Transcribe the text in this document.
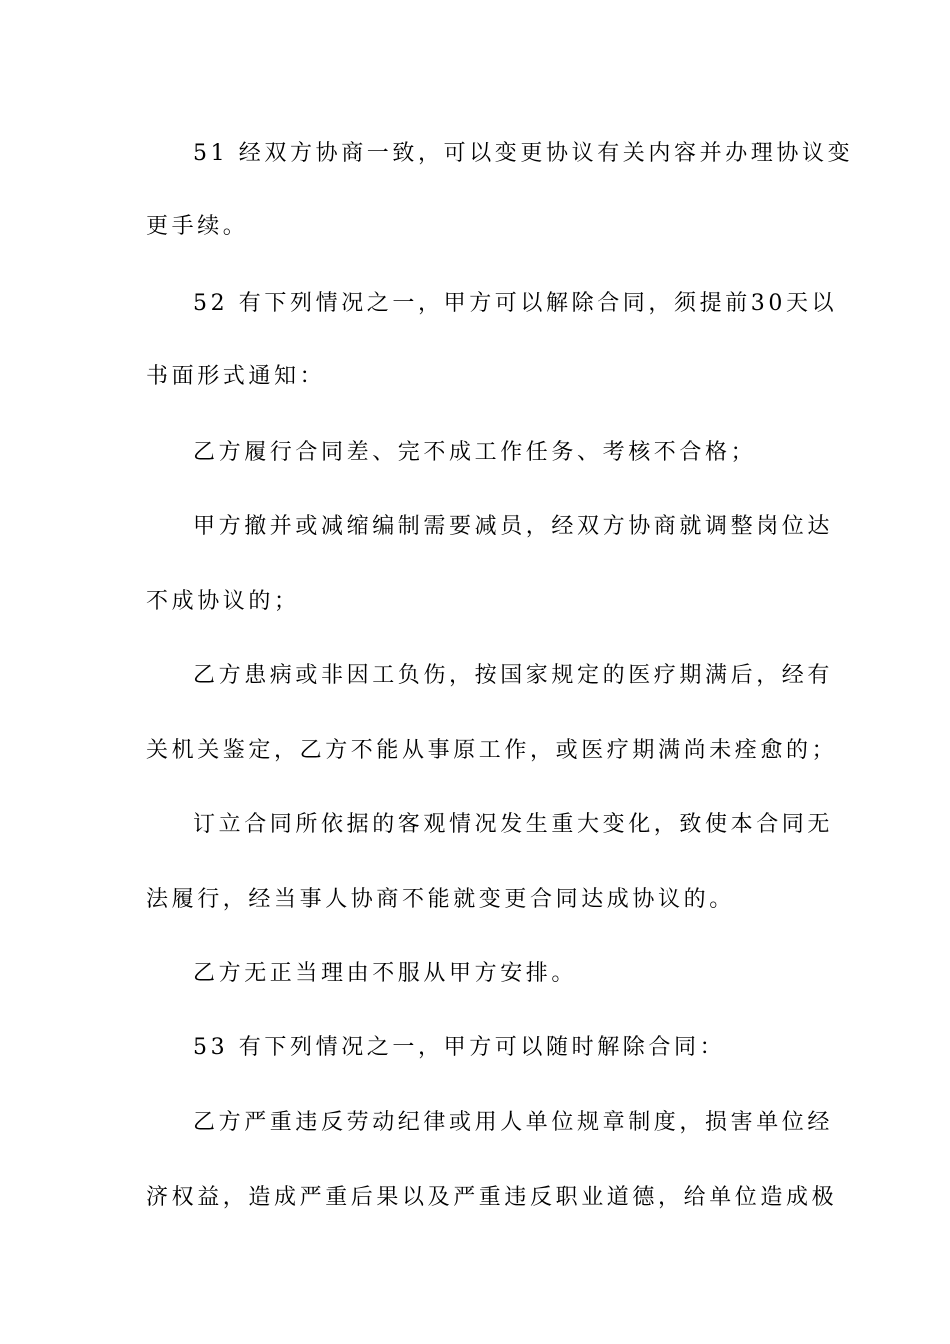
51 经双方协商一致，可以变更协议有关内容并办理协议变
更手续。
52 有下列情况之一，甲方可以解除合同，须提前30天以
书面形式通知：
乙方履行合同差、完不成工作任务、考核不合格；
甲方撤并或减缩编制需要减员，经双方协商就调整岗位达
不成协议的；
乙方患病或非因工负伤，按国家规定的医疗期满后，经有
关机关鉴定，乙方不能从事原工作，或医疗期满尚未痊愈的；
订立合同所依据的客观情况发生重大变化，致使本合同无
法履行，经当事人协商不能就变更合同达成协议的。
乙方无正当理由不服从甲方安排。
53 有下列情况之一，甲方可以随时解除合同：
乙方严重违反劳动纪律或用人单位规章制度，损害单位经
济权益，造成严重后果以及严重违反职业道德，给单位造成极
